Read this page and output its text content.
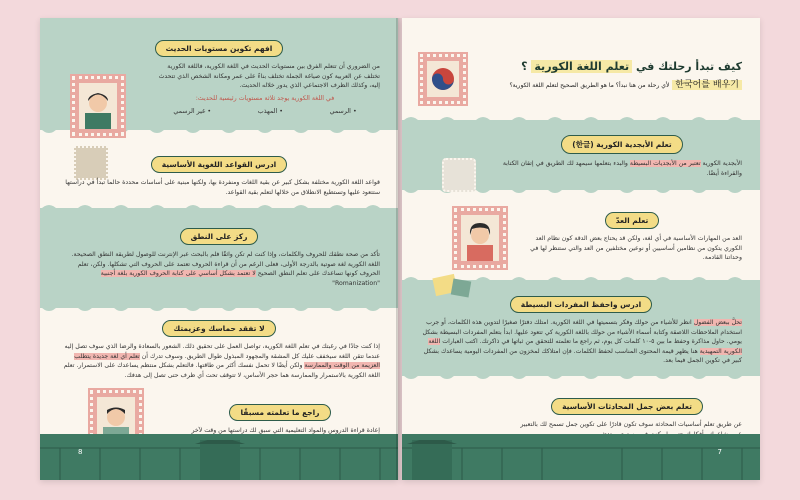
افهم تكوين مستويات الحديث
من الضروري أن تتعلم الفرق بين مستويات الحديث في اللغة الكورية، فاللغة الكورية تختلف عن العربية كون صياغة الجملة تختلف بناءً على عمر ومكانة الشخص الذي تتحدث إليه، وكذلك الظرف الاجتماعي الذي يدور خلاله الحديث.
في اللغة الكورية يوجد ثلاثة مستويات رئيسية للحديث:
• الرسمي
• المهذب
• غير الرسمي
ادرس القواعد اللغوية الأساسية
قواعد اللغة الكورية مختلفة بشكل كبير عن بقية اللغات ومنفردة بها، ولكنها مبنية على أساسات محددة حالما تبدأ في دراستها ستتعود عليها وتستطيع الانطلاق من خلالها لتعلم بقية القواعد.
ركز على النطق
تأكد من صحة نطقك للحروف والكلمات، وإذا كنت لم تكن واثقًا فلم بالبحث عبر الإنترنت للوصول لطريقة النطق الصحيحة. اللغة الكورية لغة صوتية بالدرجة الأولى، فعلى الرغم من أن قراءة الحروف تعتمد على الحروف التي تشكلها. ولكن، تعلم الحروف كونها تساعدك على تعلم النطق الصحيح لا تعتمد بشكل أساسي على كتابة الحروف الكورية بلغة أجنبية "Romanization"
لا تفقد حماسك وعزيمتك
إذا كنت جادًا في رغبتك في تعلم اللغة الكورية، تواصل العمل على تحقيق ذلك. الشعور بالسعادة والرضا الذي سوف تصل إليه عندما تتقن اللغة سيخفف عليك كل المشقة والمجهود المبذول طوال الطريق. وسوف تدرك أن تعلم أي لغة جديدة يتطلب العزيمة من الوقت والممارسة ولكن أيضًا لا تحمل نفسك أكثر من طاقتها. فالتعلم بشكل منتظم يساعدك على الاستمرار. تعلم اللغة الكورية بالاستمرار والممارسة هما حجر الأساس، لا تتوقف تحت أي ظرف حتى تصل إلى هدفك.
راجع ما تعلمته مسبقًا
إعادة قراءة الدروس والمواد التعليمية التي سبق لك دراستها من وقت لآخر
8
كيف تبدأ رحلتك في تعلم اللغة الكورية ؟
한국어를 배우기 لأي رحلة من هنا نبدأ؟ ما هو الطريق الصحيح لتعلم اللغة الكورية؟
تعلم الأبجدية الكورية (한글)
الأبجدية الكورية تعتبر من الأبجديات البسيطة والبدء بتعلمها سيمهد لك الطريق في إتقان الكتابة والقراءة أيضًا.
تعلم العدّ
العد من المهارات الأساسية في أي لغة، ولكن قد يحتاج بعض الدقة كون نظام العد الكوري يتكون من نظامين أساسيين أو نوعين مختلفين من العد والتي ستنظر لها في وحداتنا القادمة.
ادرس واحفظ المفردات البسيطة
تحلَّ ببعض الفضول انظر للأشياء من حولك وفكر بتسميتها في اللغة الكورية. امتلك دفترًا صغيرًا لتدوين هذه الكلمات، أو جرب استخدام الملاحظات اللاصقة وكتابة أسماء الأشياء من حولك باللغة الكورية كي تتعود عليها. ابدأ بتعلم المفردات البسيطة بشكل يومي. حاول مذاكرة وحفظ ما بين ٥-١٠ كلمات كل يوم، ثم راجع ما تعلمته للتحقق من ثباتها في ذاكرتك. اكتب العبارات اللغة الكورية التمهيدية هنا يظهر قيمة المحتوى المناسب لحفظ الكلمات. فإن امتلاكك لمخزون من المفردات اليومية يساعدك بشكل كبير في تكوين الجمل فيما بعد.
تعلم بعض جمل المحادثات الأساسية
عن طريق تعلم أساسيات المحادثة سوف تكون قادرًا على تكوين جمل تسمح لك بالتعبير
7
